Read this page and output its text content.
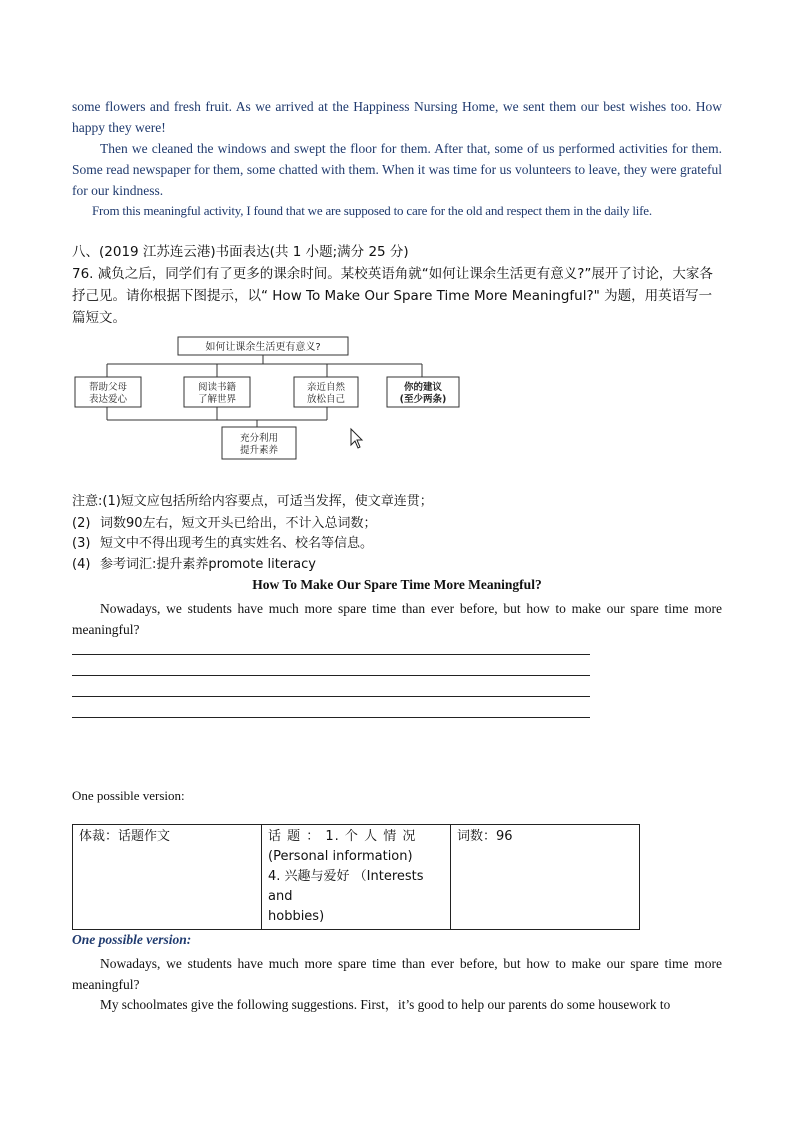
some flowers and fresh fruit. As we arrived at the Happiness Nursing Home, we sent them our best wishes too. How happy they were!

Then we cleaned the windows and swept the floor for them. After that, some of us performed activities for them. Some read newspaper for them, some chatted with them. When it was time for us volunteers to leave, they were grateful for our kindness.

From this meaningful activity, I found that we are supposed to care for the old and respect them in the daily life.

八、(2019 江苏连云港)书面表达(共 1 小题;满分 25 分)

76. 减负之后，同学们有了更多的课余时间。某校英语角就“如何让课余生活更有意义?”展开了讨论，大家各抒己见。请你根据下图提示，以“ How To Make Our Spare Time More Meaningful?" 为题，用英语写一篇短文。

如何让课余生活更有意义?
帮助父母
表达爱心
阅读书籍
了解世界
亲近自然
放松自己
你的建议
(至少两条)
充分利用
提升素养
注意:(1)短文应包括所给内容要点，可适当发挥，使文章连贯；
(2) 词数90左右，短文开头已给出，不计入总词数；
(3) 短文中不得出现考生的真实姓名、校名等信息。
(4) 参考词汇:提升素养promote literacy
How To Make Our Spare Time More Meaningful?

Nowadays, we students have much more spare time than ever before, but how to make our spare time more meaningful?

One possible version:

体裁：话题作文	话 题 ： 1. 个 人 情 况
(Personal information)
4. 兴趣与爱好 （Interests and
hobbies)
	词数：96
One possible version:

Nowadays, we students have much more spare time than ever before, but how to make our spare time more meaningful?

My schoolmates give the following suggestions. First，it’s good to help our parents do some housework to
